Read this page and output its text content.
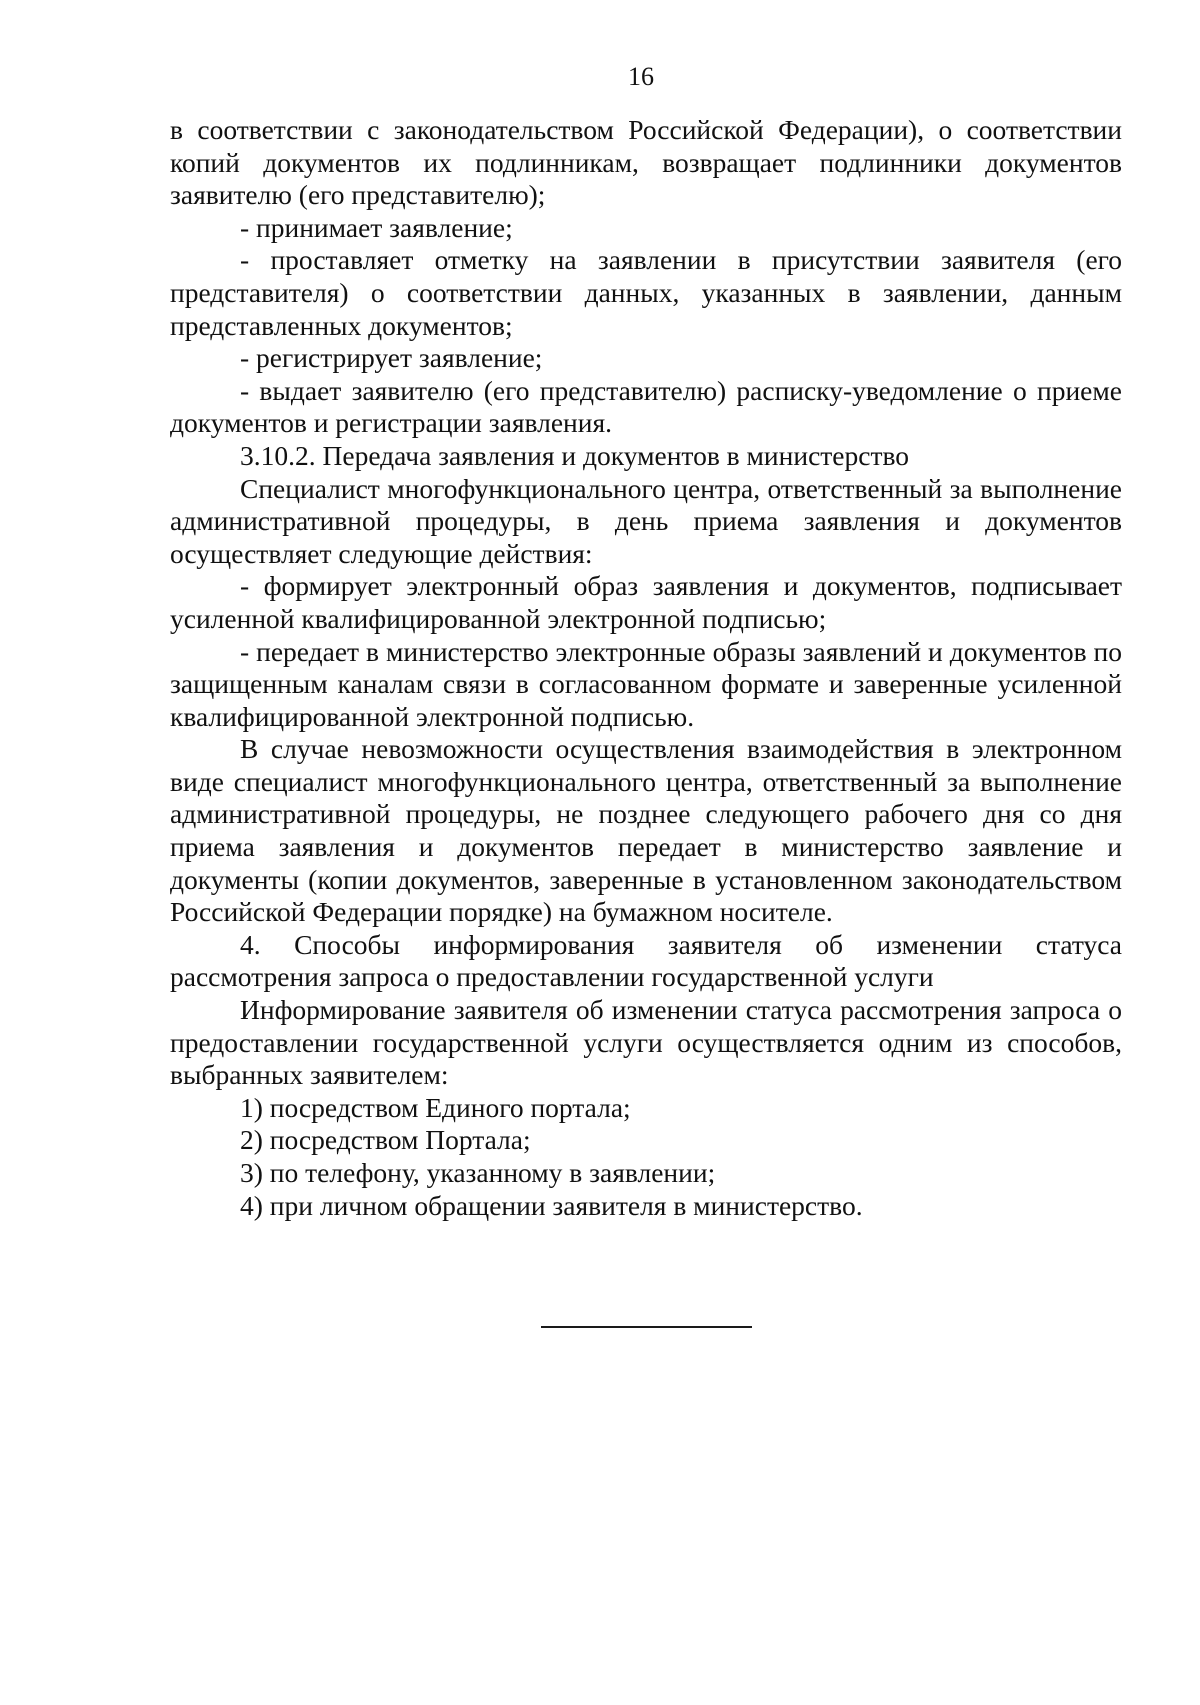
16

в соответствии с законодательством Российской Федерации), о соответствии копий документов их подлинникам, возвращает подлинники документов заявителю (его представителю);

- принимает заявление;

- проставляет отметку на заявлении в присутствии заявителя (его представителя) о соответствии данных, указанных в заявлении, данным представленных документов;

- регистрирует заявление;

- выдает заявителю (его представителю) расписку-уведомление о приеме документов и регистрации заявления.

3.10.2. Передача заявления и документов в министерство

Специалист многофункционального центра, ответственный за выполнение административной процедуры, в день приема заявления и документов осуществляет следующие действия:

- формирует электронный образ заявления и документов, подписывает усиленной квалифицированной электронной подписью;

- передает в министерство электронные образы заявлений и документов по защищенным каналам связи в согласованном формате и заверенные усиленной квалифицированной электронной подписью.

В случае невозможности осуществления взаимодействия в электронном виде специалист многофункционального центра, ответственный за выполнение административной процедуры, не позднее следующего рабочего дня со дня приема заявления и документов передает в министерство заявление и документы (копии документов, заверенные в установленном законодательством Российской Федерации порядке) на бумажном носителе.

4. Способы информирования заявителя об изменении статуса рассмотрения запроса о предоставлении государственной услуги

Информирование заявителя об изменении статуса рассмотрения запроса о предоставлении государственной услуги осуществляется одним из способов, выбранных заявителем:

1) посредством Единого портала;

2) посредством Портала;

3) по телефону, указанному в заявлении;

4) при личном обращении заявителя в министерство.
